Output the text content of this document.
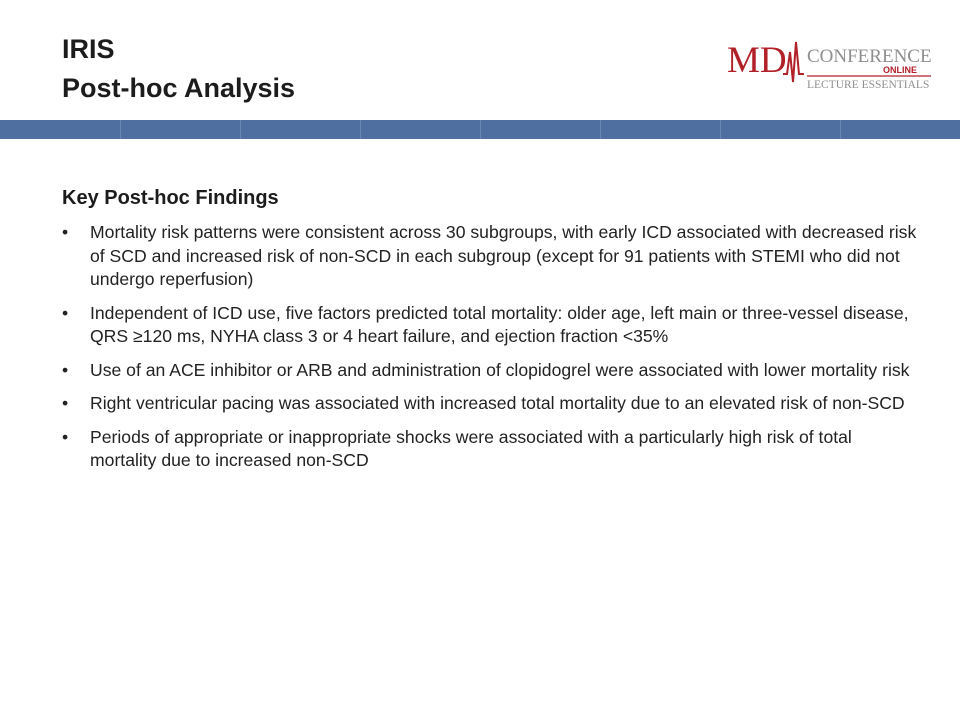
IRIS
Post-hoc Analysis
MD CONFERENCE
ONLINE
LECTURE ESSENTIALS
Key Post-hoc Findings
• Mortality risk patterns were consistent across 30 subgroups, with early ICD associated with decreased risk of SCD and increased risk of non-SCD in each subgroup (except for 91 patients with STEMI who did not undergo reperfusion)
• Independent of ICD use, five factors predicted total mortality: older age, left main or three-vessel disease, QRS ≥120 ms, NYHA class 3 or 4 heart failure, and ejection fraction <35%
• Use of an ACE inhibitor or ARB and administration of clopidogrel were associated with lower mortality risk
• Right ventricular pacing was associated with increased total mortality due to an elevated risk of non-SCD
• Periods of appropriate or inappropriate shocks were associated with a particularly high risk of total mortality due to increased non-SCD
